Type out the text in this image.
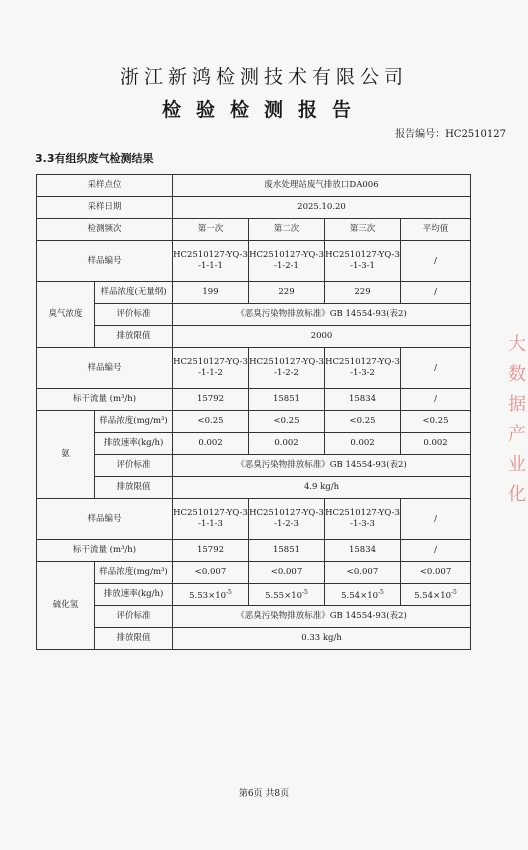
浙江新鸿检测技术有限公司
检验检测报告
报告编号：HC2510127
3.3有组织废气检测结果
采样点位		废水处理站废气排放口DA006			
采样日期		2025.10.20			
检测频次		第一次	第二次	第三次	平均值
样品编号		HC2510127-YQ-3-1-1-1	HC2510127-YQ-3-1-2-1	HC2510127-YQ-3-1-3-1	/
臭气浓度	样品浓度(无量纲)	199	229	229	/
	评价标准	《恶臭污染物排放标准》GB 14554-93(表2)			
	排放限值	2000			
样品编号		HC2510127-YQ-3-1-1-2	HC2510127-YQ-3-1-2-2	HC2510127-YQ-3-1-3-2	/
标干流量 (m³/h)		15792	15851	15834	/
氨	样品浓度(mg/m³)	<0.25	<0.25	<0.25	<0.25
	排放速率(kg/h)	0.002	0.002	0.002	0.002
	评价标准	《恶臭污染物排放标准》GB 14554-93(表2)			
	排放限值	4.9 kg/h			
样品编号		HC2510127-YQ-3-1-1-3	HC2510127-YQ-3-1-2-3	HC2510127-YQ-3-1-3-3	/
标干流量 (m³/h)		15792	15851	15834	/
硫化氢	样品浓度(mg/m³)	<0.007	<0.007	<0.007	<0.007
	排放速率(kg/h)	$5.53\times 10^{-5}$	$5.55\times 10^{-5}$	$5.54\times 10^{-5}$	$5.54\times 10^{-5}$
	评价标准	《恶臭污染物排放标准》GB 14554-93(表2)			
	排放限值	0.33 kg/h			
第6页 共8页
大数据产业化
